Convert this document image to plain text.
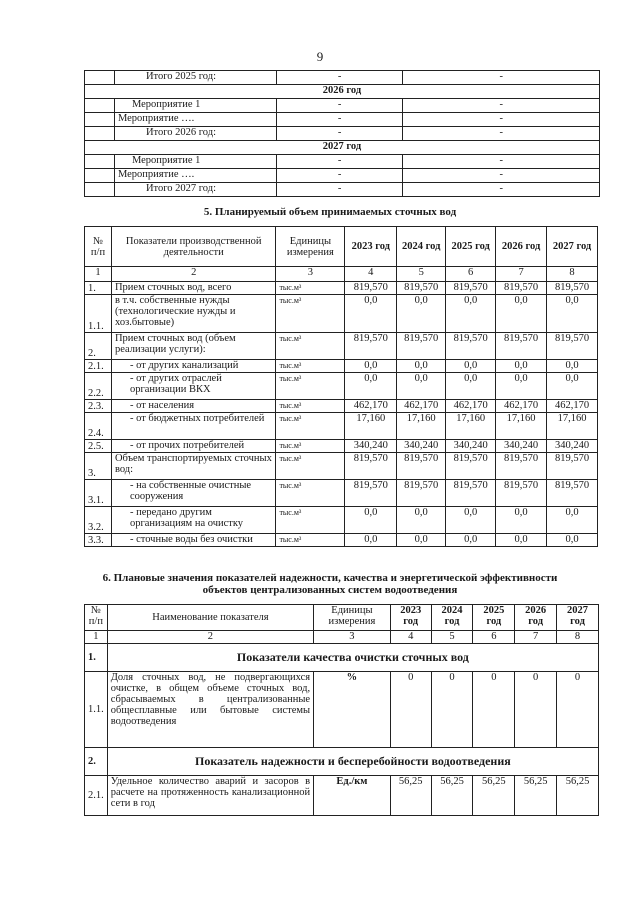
9
	Итого 2025 год:	-	-
2026 год			
	Мероприятие 1	-	-
	Мероприятие ….	-	-
	Итого 2026 год:	-	-
2027 год			
	Мероприятие 1	-	-
	Мероприятие ….	-	-
	Итого 2027 год:	-	-
5. Планируемый объем принимаемых сточных вод
№ п/п	Показатели производственной деятельности	Единицы измерения	2023 год	2024 год	2025 год	2026 год	2027 год
1	2	3	4	5	6	7	8
1.	Прием сточных вод, всего	тыс.м³	819,570	819,570	819,570	819,570	819,570
1.1.	в т.ч. собственные нужды (технологические нужды и хоз.бытовые)	тыс.м³	0,0	0,0	0,0	0,0	0,0
2.	Прием сточных вод (объем реализации услуги):	тыс.м³	819,570	819,570	819,570	819,570	819,570
2.1.	- от других канализаций	тыс.м³	0,0	0,0	0,0	0,0	0,0
2.2.	- от других отраслей организации ВКХ	тыс.м³	0,0	0,0	0,0	0,0	0,0
2.3.	- от населения	тыс.м³	462,170	462,170	462,170	462,170	462,170
2.4.	- от бюджетных потребителей	тыс.м³	17,160	17,160	17,160	17,160	17,160
2.5.	- от прочих потребителей	тыс.м³	340,240	340,240	340,240	340,240	340,240
3.	Объем транспортируемых сточных вод:	тыс.м³	819,570	819,570	819,570	819,570	819,570
3.1.	- на собственные очистные сооружения	тыс.м³	819,570	819,570	819,570	819,570	819,570
3.2.	- передано другим организациям на очистку	тыс.м³	0,0	0,0	0,0	0,0	0,0
3.3.	- сточные воды без очистки	тыс.м³	0,0	0,0	0,0	0,0	0,0
6. Плановые значения показателей надежности, качества и энергетической эффективности
объектов централизованных систем водоотведения
№ п/п	Наименование показателя	Единицы измерения	2023 год	2024 год	2025 год	2026 год	2027 год
1	2	3	4	5	6	7	8
1.	Показатели качества очистки сточных вод						
1.1.	Доля сточных вод, не подвергающихся очистке, в общем объеме сточных вод, сбрасываемых в централизованные общесплавные или бытовые системы водоотведения	%	0	0	0	0	0
2.	Показатель надежности и бесперебойности водоотведения						
2.1.	Удельное количество аварий и засоров в расчете на протяженность канализационной сети в год	Ед./км	56,25	56,25	56,25	56,25	56,25
